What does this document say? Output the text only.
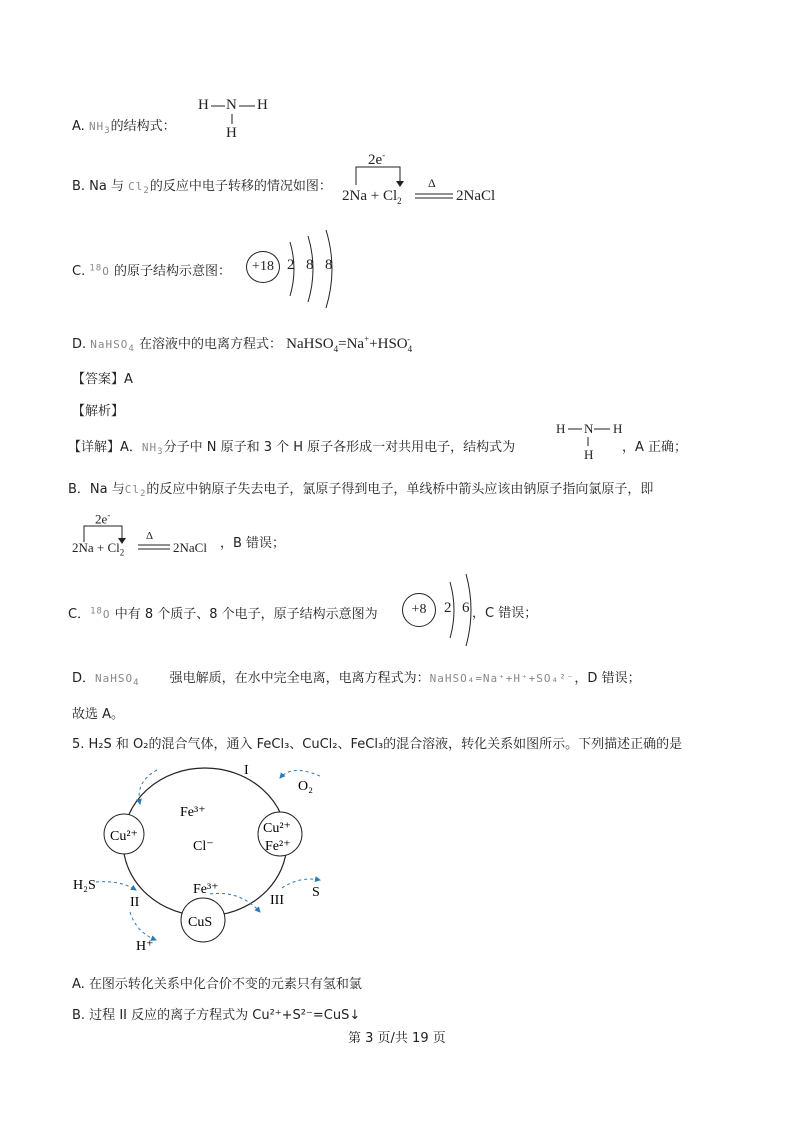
A. $NH_3$的结构式：
H N H
H
B. Na 与 $Cl_2$的反应中电子转移的情况如图：
2e-
$2Na + Cl_2$
Δ
2NaCl
C. $^{18}$O 的原子结构示意图：	+18 2 8 8
D. NaHSO$_4$ 在溶液中的电离方程式： $NaHSO_4=Na^++HSO_4^-$
【答案】A
【解析】
【详解】A．$NH_3$分子中 N 原子和 3 个 H 原子各形成一对共用电子，结构式为
H N H
H ，A 正确；
B．Na 与$Cl_2$的反应中钠原子失去电子，氯原子得到电子，单线桥中箭头应该由钠原子指向氯原子，即
2e-
$2Na + Cl_2$
Δ
2NaCl ，B 错误；
C．$^{18}$O 中有 8 个质子、8 个电子，原子结构示意图为	+8	2 6 ，C 错误；
D．NaHSO$_4$ 强电解质，在水中完全电离，电离方程式为：NaHSO₄=Na⁺+H⁺+SO₄²⁻，D 错误；
故选 A。
5. H₂S 和 O₂的混合气体，通入 FeCl₃、CuCl₂、FeCl₃的混合溶液，转化关系如图所示。下列描述正确的是
I
O₂
Fe³⁺
Cl⁻
Cu²⁺
Cu²⁺
Fe²⁺
H₂S
II
Fe³⁺
III
S
CuS
H⁺
A. 在图示转化关系中化合价不变的元素只有氢和氯
B. 过程 II 反应的离子方程式为 Cu²⁺+S²⁻=CuS↓
第 3 页/共 19 页
